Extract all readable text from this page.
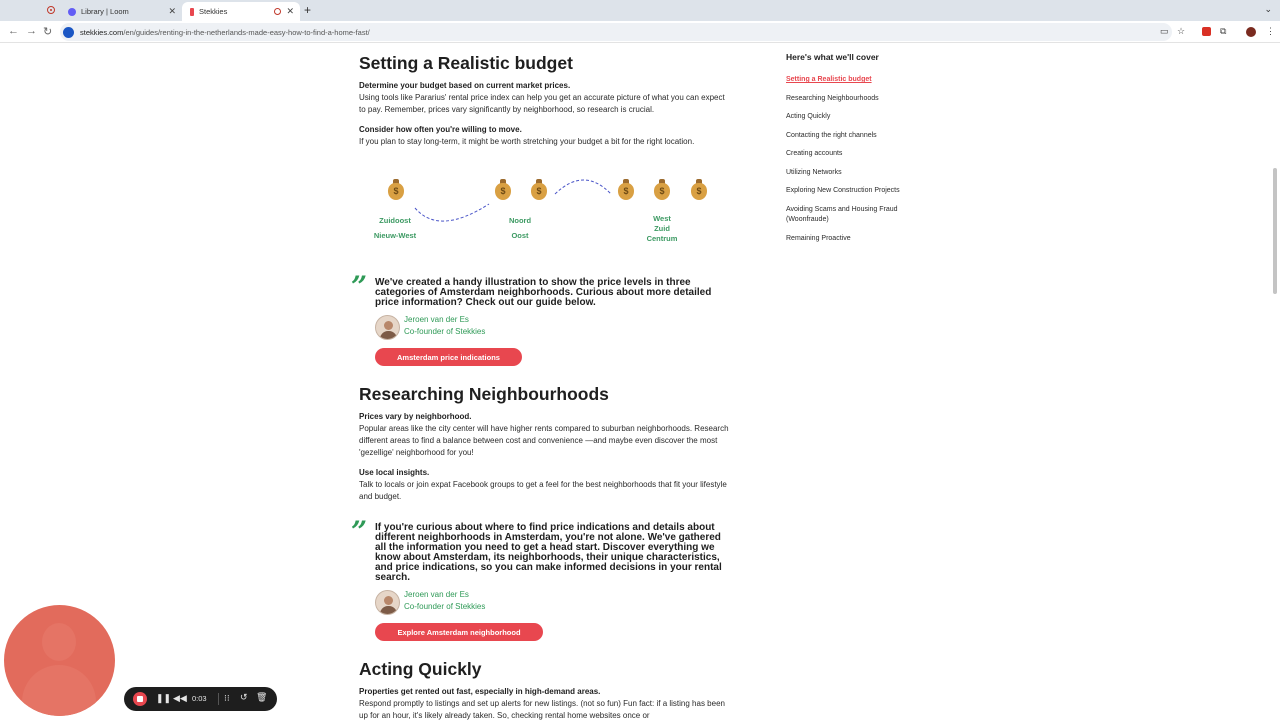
Library | Loom	✕	Stekkies	✕ +	⌄
← → ↻	stekkies.com/en/guides/renting-in-the-netherlands-made-easy-how-to-find-a-home-fast/	▭ ☆	⧉	⋮
Setting a Realistic budget
Determine your budget based on current market prices.
Using tools like Pararius' rental price index can help you get an accurate picture of what you can expect to pay. Remember, prices vary significantly by neighborhood, so research is crucial.
Consider how often you're willing to move.
If you plan to stay long-term, it might be worth stretching your budget a bit for the right location.
$	$	$	$	$	$
Zuidoost
Nieuw-West
Noord
Oost
West
Zuid
Centrum
” We've created a handy illustration to show the price levels in three categories of Amsterdam neighborhoods. Curious about more detailed price information? Check out our guide below.
Jeroen van der Es
Co-founder of Stekkies
Amsterdam price indications
Researching Neighbourhoods
Prices vary by neighborhood.
Popular areas like the city center will have higher rents compared to suburban neighborhoods. Research different areas to find a balance between cost and convenience —and maybe even discover the most 'gezellige' neighborhood for you!
Use local insights.
Talk to locals or join expat Facebook groups to get a feel for the best neighborhoods that fit your lifestyle and budget.
” If you're curious about where to find price indications and details about different neighborhoods in Amsterdam, you're not alone. We've gathered all the information you need to get a head start. Discover everything we know about Amsterdam, its neighborhoods, their unique characteristics, and price indications, so you can make informed decisions in your rental search.
Jeroen van der Es
Co-founder of Stekkies
Explore Amsterdam neighborhood
Acting Quickly
Properties get rented out fast, especially in high-demand areas.
Respond promptly to listings and set up alerts for new listings. (not so fun) Fun fact: if a listing has been up for an hour, it's likely already taken. So, checking rental home websites once or
Here's what we'll cover
Setting a Realistic budget
Researching Neighbourhoods
Acting Quickly
Contacting the right channels
Creating accounts
Utilizing Networks
Exploring New Construction Projects
Avoiding Scams and Housing Fraud (Woonfraude)
Remaining Proactive
❚❚ ◀◀ 0:03 ⁝⁝ ↺ 🗑
